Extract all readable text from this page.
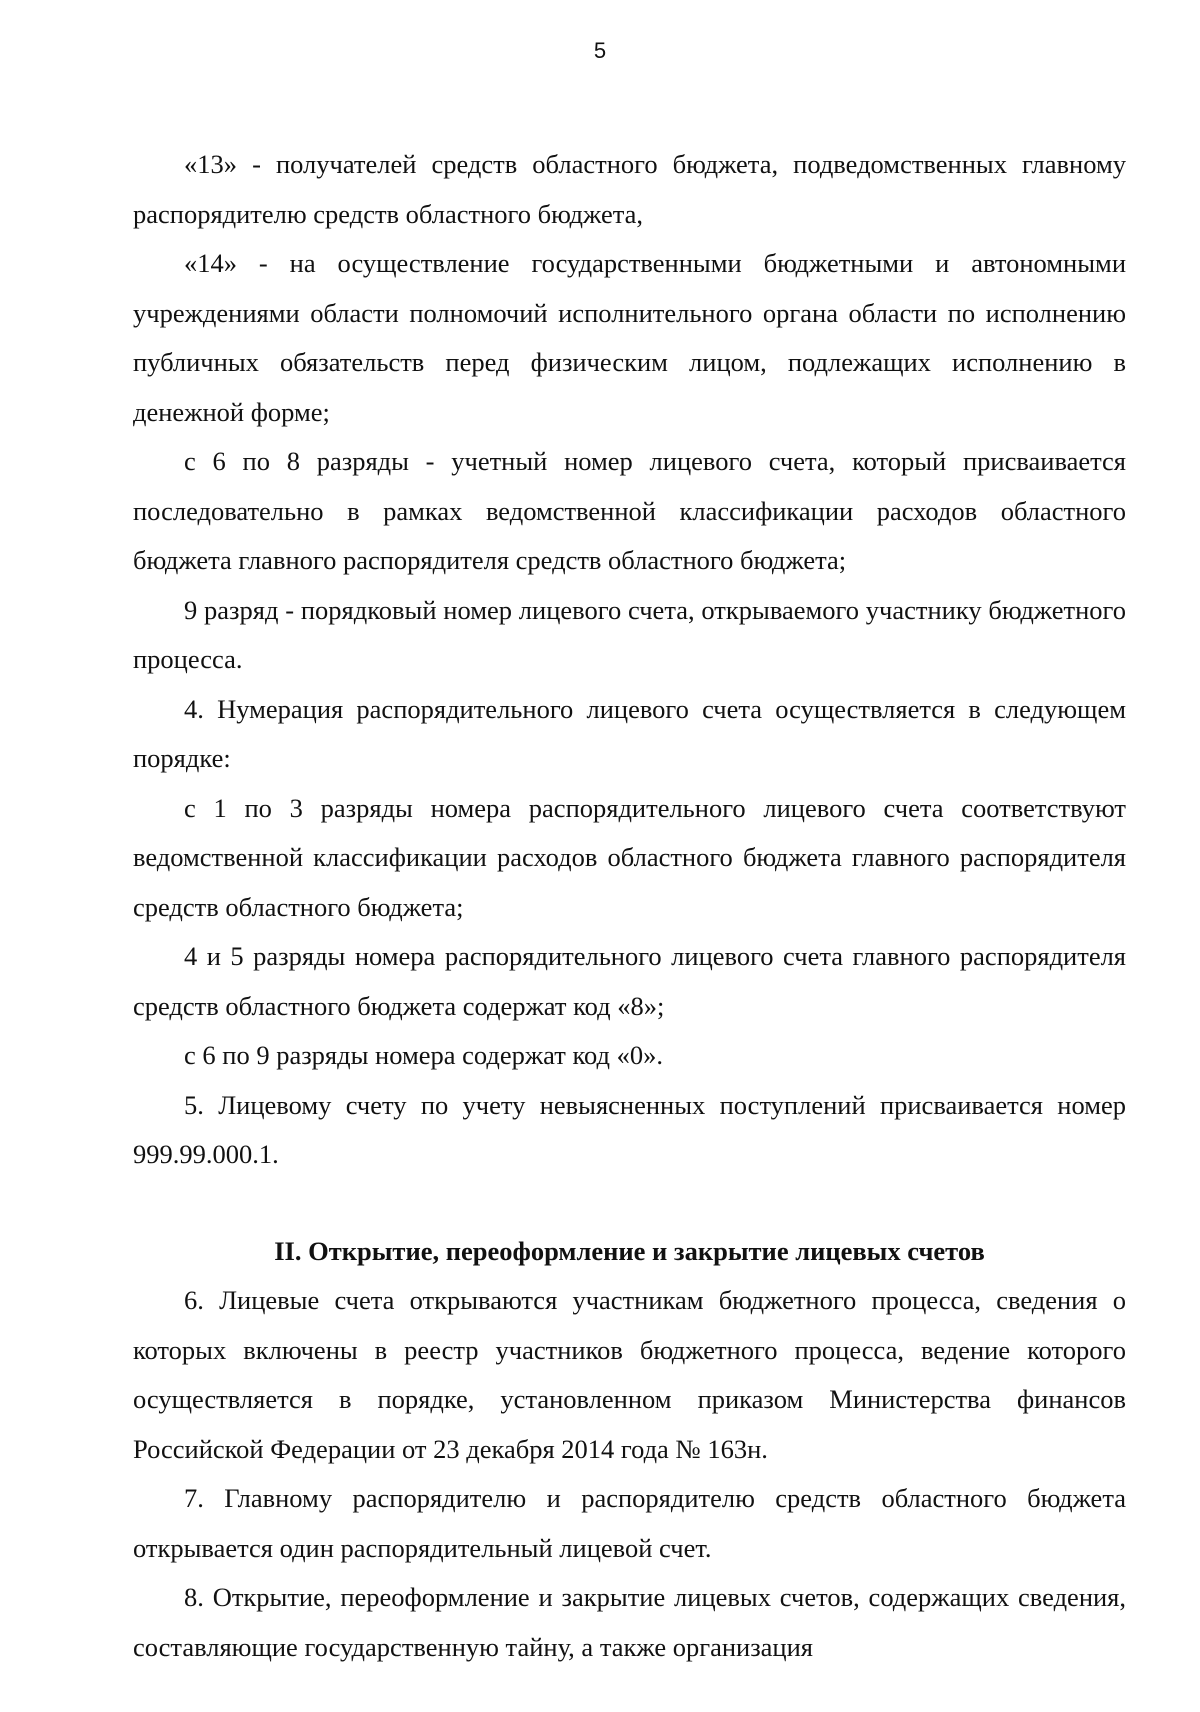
5

«13» - получателей средств областного бюджета, подведомственных главному распорядителю средств областного бюджета,

«14» - на осуществление государственными бюджетными и автономными учреждениями области полномочий исполнительного органа области по исполнению публичных обязательств перед физическим лицом, подлежащих исполнению в денежной форме;

с 6 по 8 разряды - учетный номер лицевого счета, который присваивается последовательно в рамках ведомственной классификации расходов областного бюджета главного распорядителя средств областного бюджета;

9 разряд - порядковый номер лицевого счета, открываемого участнику бюджетного процесса.

4. Нумерация распорядительного лицевого счета осуществляется в следующем порядке:

с 1 по 3 разряды номера распорядительного лицевого счета соответствуют ведомственной классификации расходов областного бюджета главного распорядителя средств областного бюджета;

4 и 5 разряды номера распорядительного лицевого счета главного распорядителя средств областного бюджета содержат код «8»;

с 6 по 9 разряды номера содержат код «0».

5. Лицевому счету по учету невыясненных поступлений присваивается номер 999.99.000.1.

II. Открытие, переоформление и закрытие лицевых счетов

6. Лицевые счета открываются участникам бюджетного процесса, сведения о которых включены в реестр участников бюджетного процесса, ведение которого осуществляется в порядке, установленном приказом Министерства финансов Российской Федерации от 23 декабря 2014 года № 163н.

7. Главному распорядителю и распорядителю средств областного бюджета открывается один распорядительный лицевой счет.

8. Открытие, переоформление и закрытие лицевых счетов, содержащих сведения, составляющие государственную тайну, а также организация
